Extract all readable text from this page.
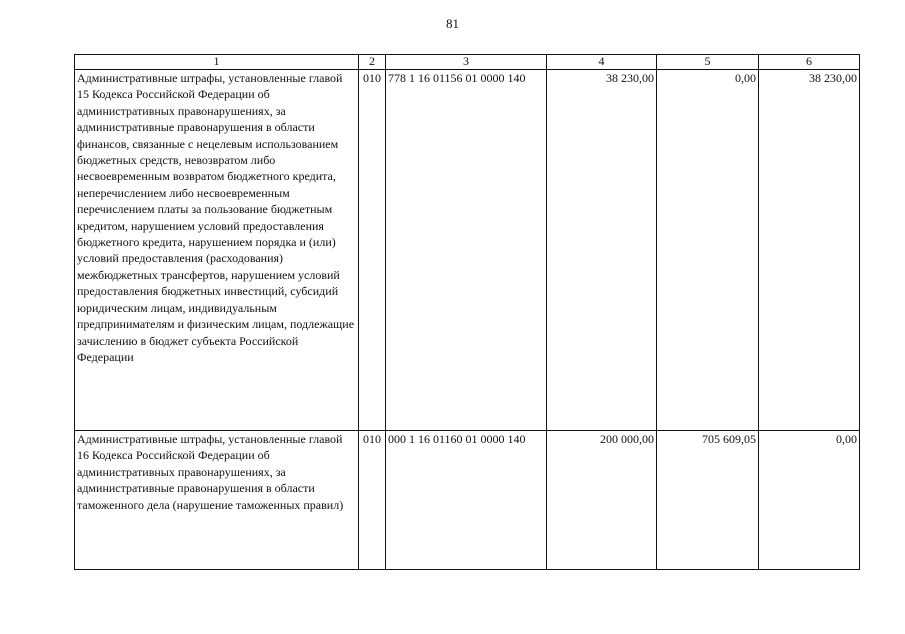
81
1	2	3	4	5	6
Административные штрафы, установленные главой 15 Кодекса Российской Федерации об административных правонарушениях, за административные правонарушения в области финансов, связанные с нецелевым использованием бюджетных средств, невозвратом либо несвоевременным возвратом бюджетного кредита, неперечислением либо несвоевременным перечислением платы за пользование бюджетным кредитом, нарушением условий предоставления бюджетного кредита, нарушением порядка и (или) условий предоставления (расходования) межбюджетных трансфертов, нарушением условий предоставления бюджетных инвестиций, субсидий юридическим лицам, индивидуальным предпринимателям и физическим лицам, подлежащие зачислению в бюджет субъекта Российской Федерации	010	778 1 16 01156 01 0000 140	38 230,00	0,00	38 230,00
Административные штрафы, установленные главой 16 Кодекса Российской Федерации об административных правонарушениях, за административные правонарушения в области таможенного дела (нарушение таможенных правил)	010	000 1 16 01160 01 0000 140	200 000,00	705 609,05	0,00
